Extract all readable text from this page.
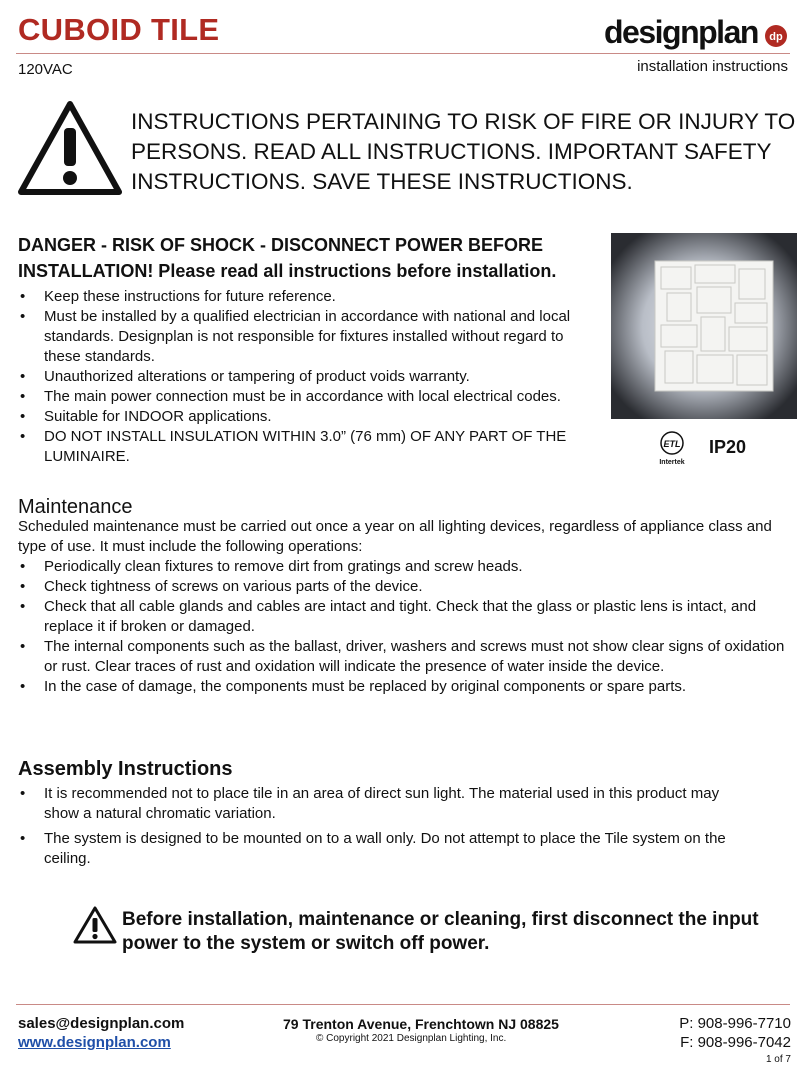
CUBOID TILE
120VAC
designplan dp
installation instructions
INSTRUCTIONS PERTAINING TO RISK OF FIRE OR INJURY TO PERSONS. READ ALL INSTRUCTIONS. IMPORTANT SAFETY INSTRUCTIONS. SAVE THESE INSTRUCTIONS.
DANGER - RISK OF SHOCK - DISCONNECT POWER BEFORE INSTALLATION! Please read all instructions before installation.
• Keep these instructions for future reference.
• Must be installed by a qualified electrician in accordance with national and local standards. Designplan is not responsible for fixtures installed without regard to these standards.
• Unauthorized alterations or tampering of product voids warranty.
• The main power connection must be in accordance with local electrical codes.
• Suitable for INDOOR applications.
• DO NOT INSTALL INSULATION WITHIN 3.0” (76 mm) OF ANY PART OF THE LUMINAIRE.
ETL
Intertek
IP20
Maintenance
Scheduled maintenance must be carried out once a year on all lighting devices, regardless of appliance class and type of use. It must include the following operations:
• Periodically clean fixtures to remove dirt from gratings and screw heads.
• Check tightness of screws on various parts of the device.
• Check that all cable glands and cables are intact and tight. Check that the glass or plastic lens is intact, and replace it if broken or damaged.
• The internal components such as the ballast, driver, washers and screws must not show clear signs of oxidation or rust. Clear traces of rust and oxidation will indicate the presence of water inside the device.
• In the case of damage, the components must be replaced by original components or spare parts.
Assembly Instructions
• It is recommended not to place tile in an area of direct sun light. The material used in this product may show a natural chromatic variation.
• The system is designed to be mounted on to a wall only. Do not attempt to place the Tile system on the ceiling.
Before installation, maintenance or cleaning, first disconnect the input power to the system or switch off power.
sales@designplan.com
www.designplan.com
79 Trenton Avenue, Frenchtown NJ 08825
© Copyright 2021 Designplan Lighting, Inc.
P: 908-996-7710
F: 908-996-7042
1 of 7
